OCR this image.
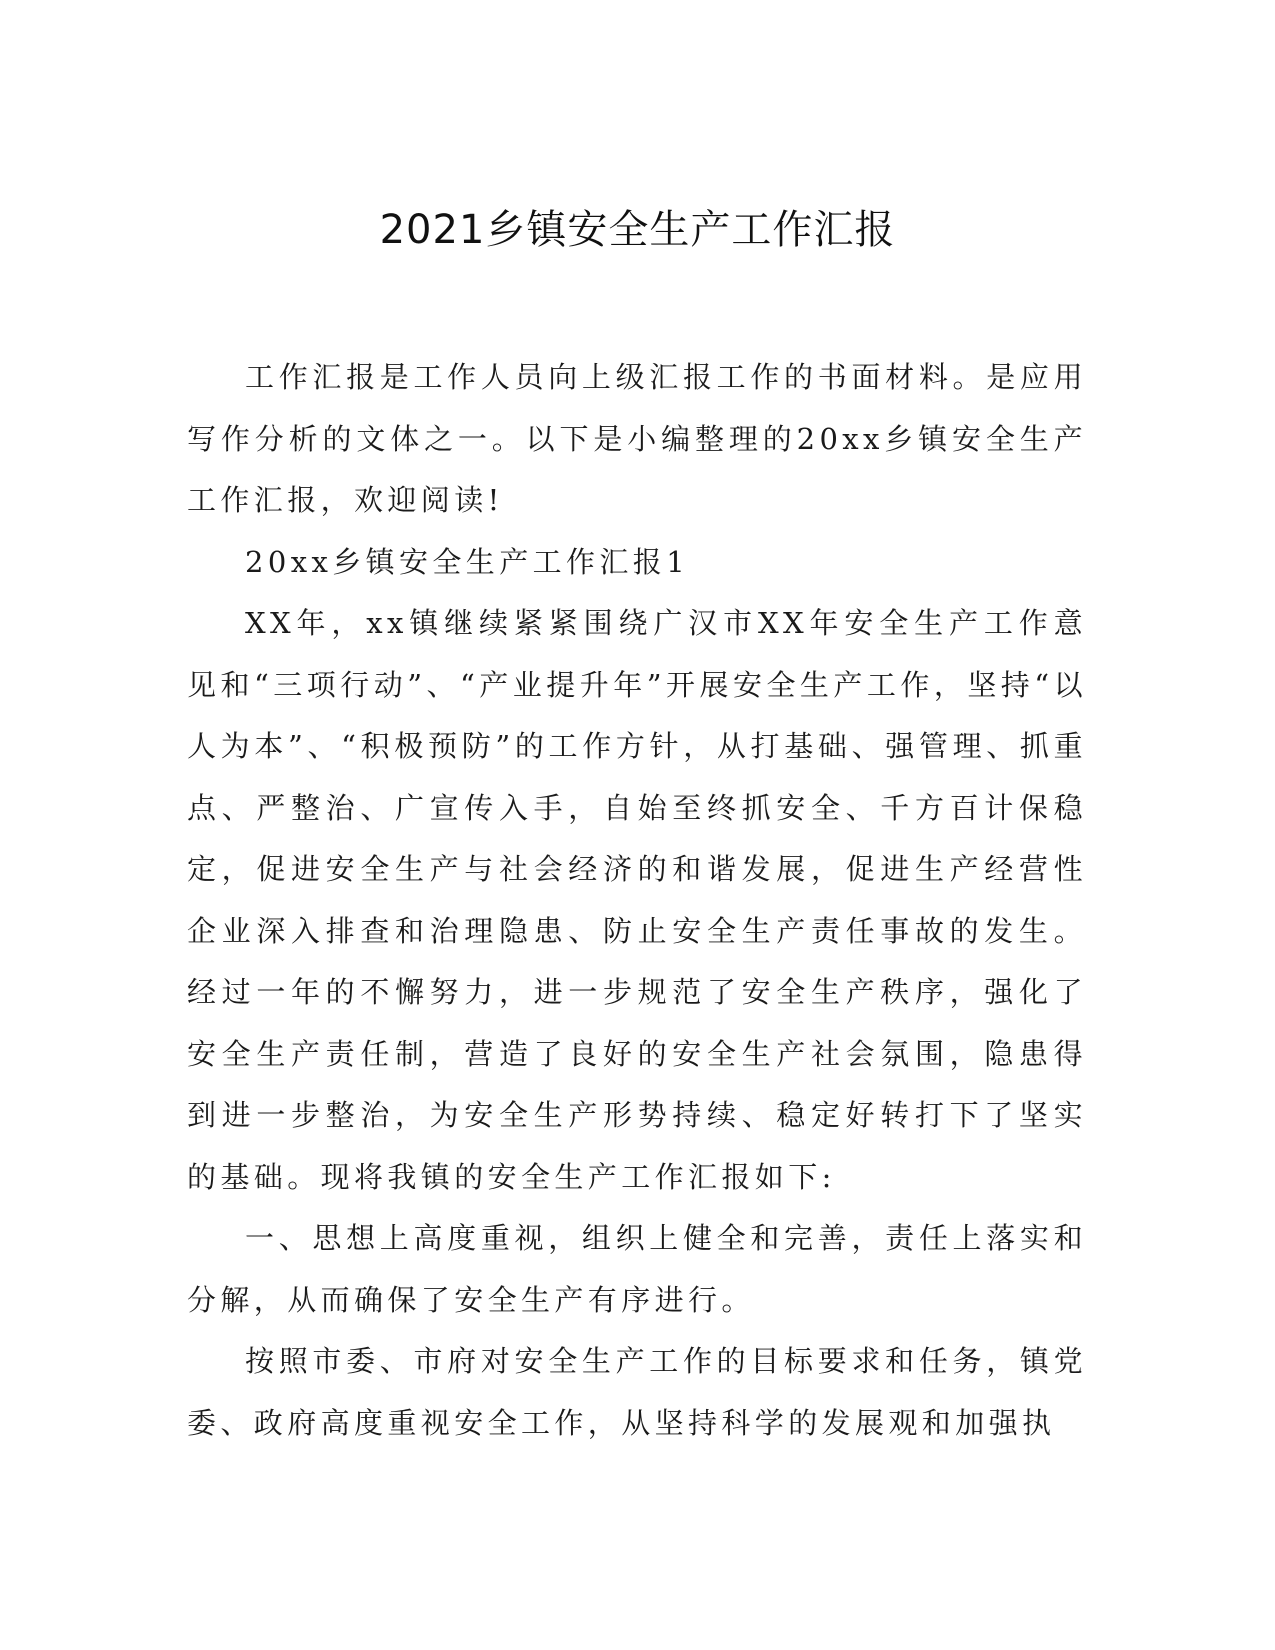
2021乡镇安全生产工作汇报

工作汇报是工作人员向上级汇报工作的书面材料。是应用写作分析的文体之一。以下是小编整理的20xx乡镇安全生产工作汇报，欢迎阅读!

20xx乡镇安全生产工作汇报1

XX年，xx镇继续紧紧围绕广汉市XX年安全生产工作意见和“三项行动”、“产业提升年”开展安全生产工作，坚持“以人为本”、“积极预防”的工作方针，从打基础、强管理、抓重点、严整治、广宣传入手，自始至终抓安全、千方百计保稳定，促进安全生产与社会经济的和谐发展，促进生产经营性企业深入排查和治理隐患、防止安全生产责任事故的发生。经过一年的不懈努力，进一步规范了安全生产秩序，强化了安全生产责任制，营造了良好的安全生产社会氛围，隐患得到进一步整治，为安全生产形势持续、稳定好转打下了坚实的基础。现将我镇的安全生产工作汇报如下:

一、思想上高度重视，组织上健全和完善，责任上落实和分解，从而确保了安全生产有序进行。

按照市委、市府对安全生产工作的目标要求和任务，镇党委、政府高度重视安全工作，从坚持科学的发展观和加强执
